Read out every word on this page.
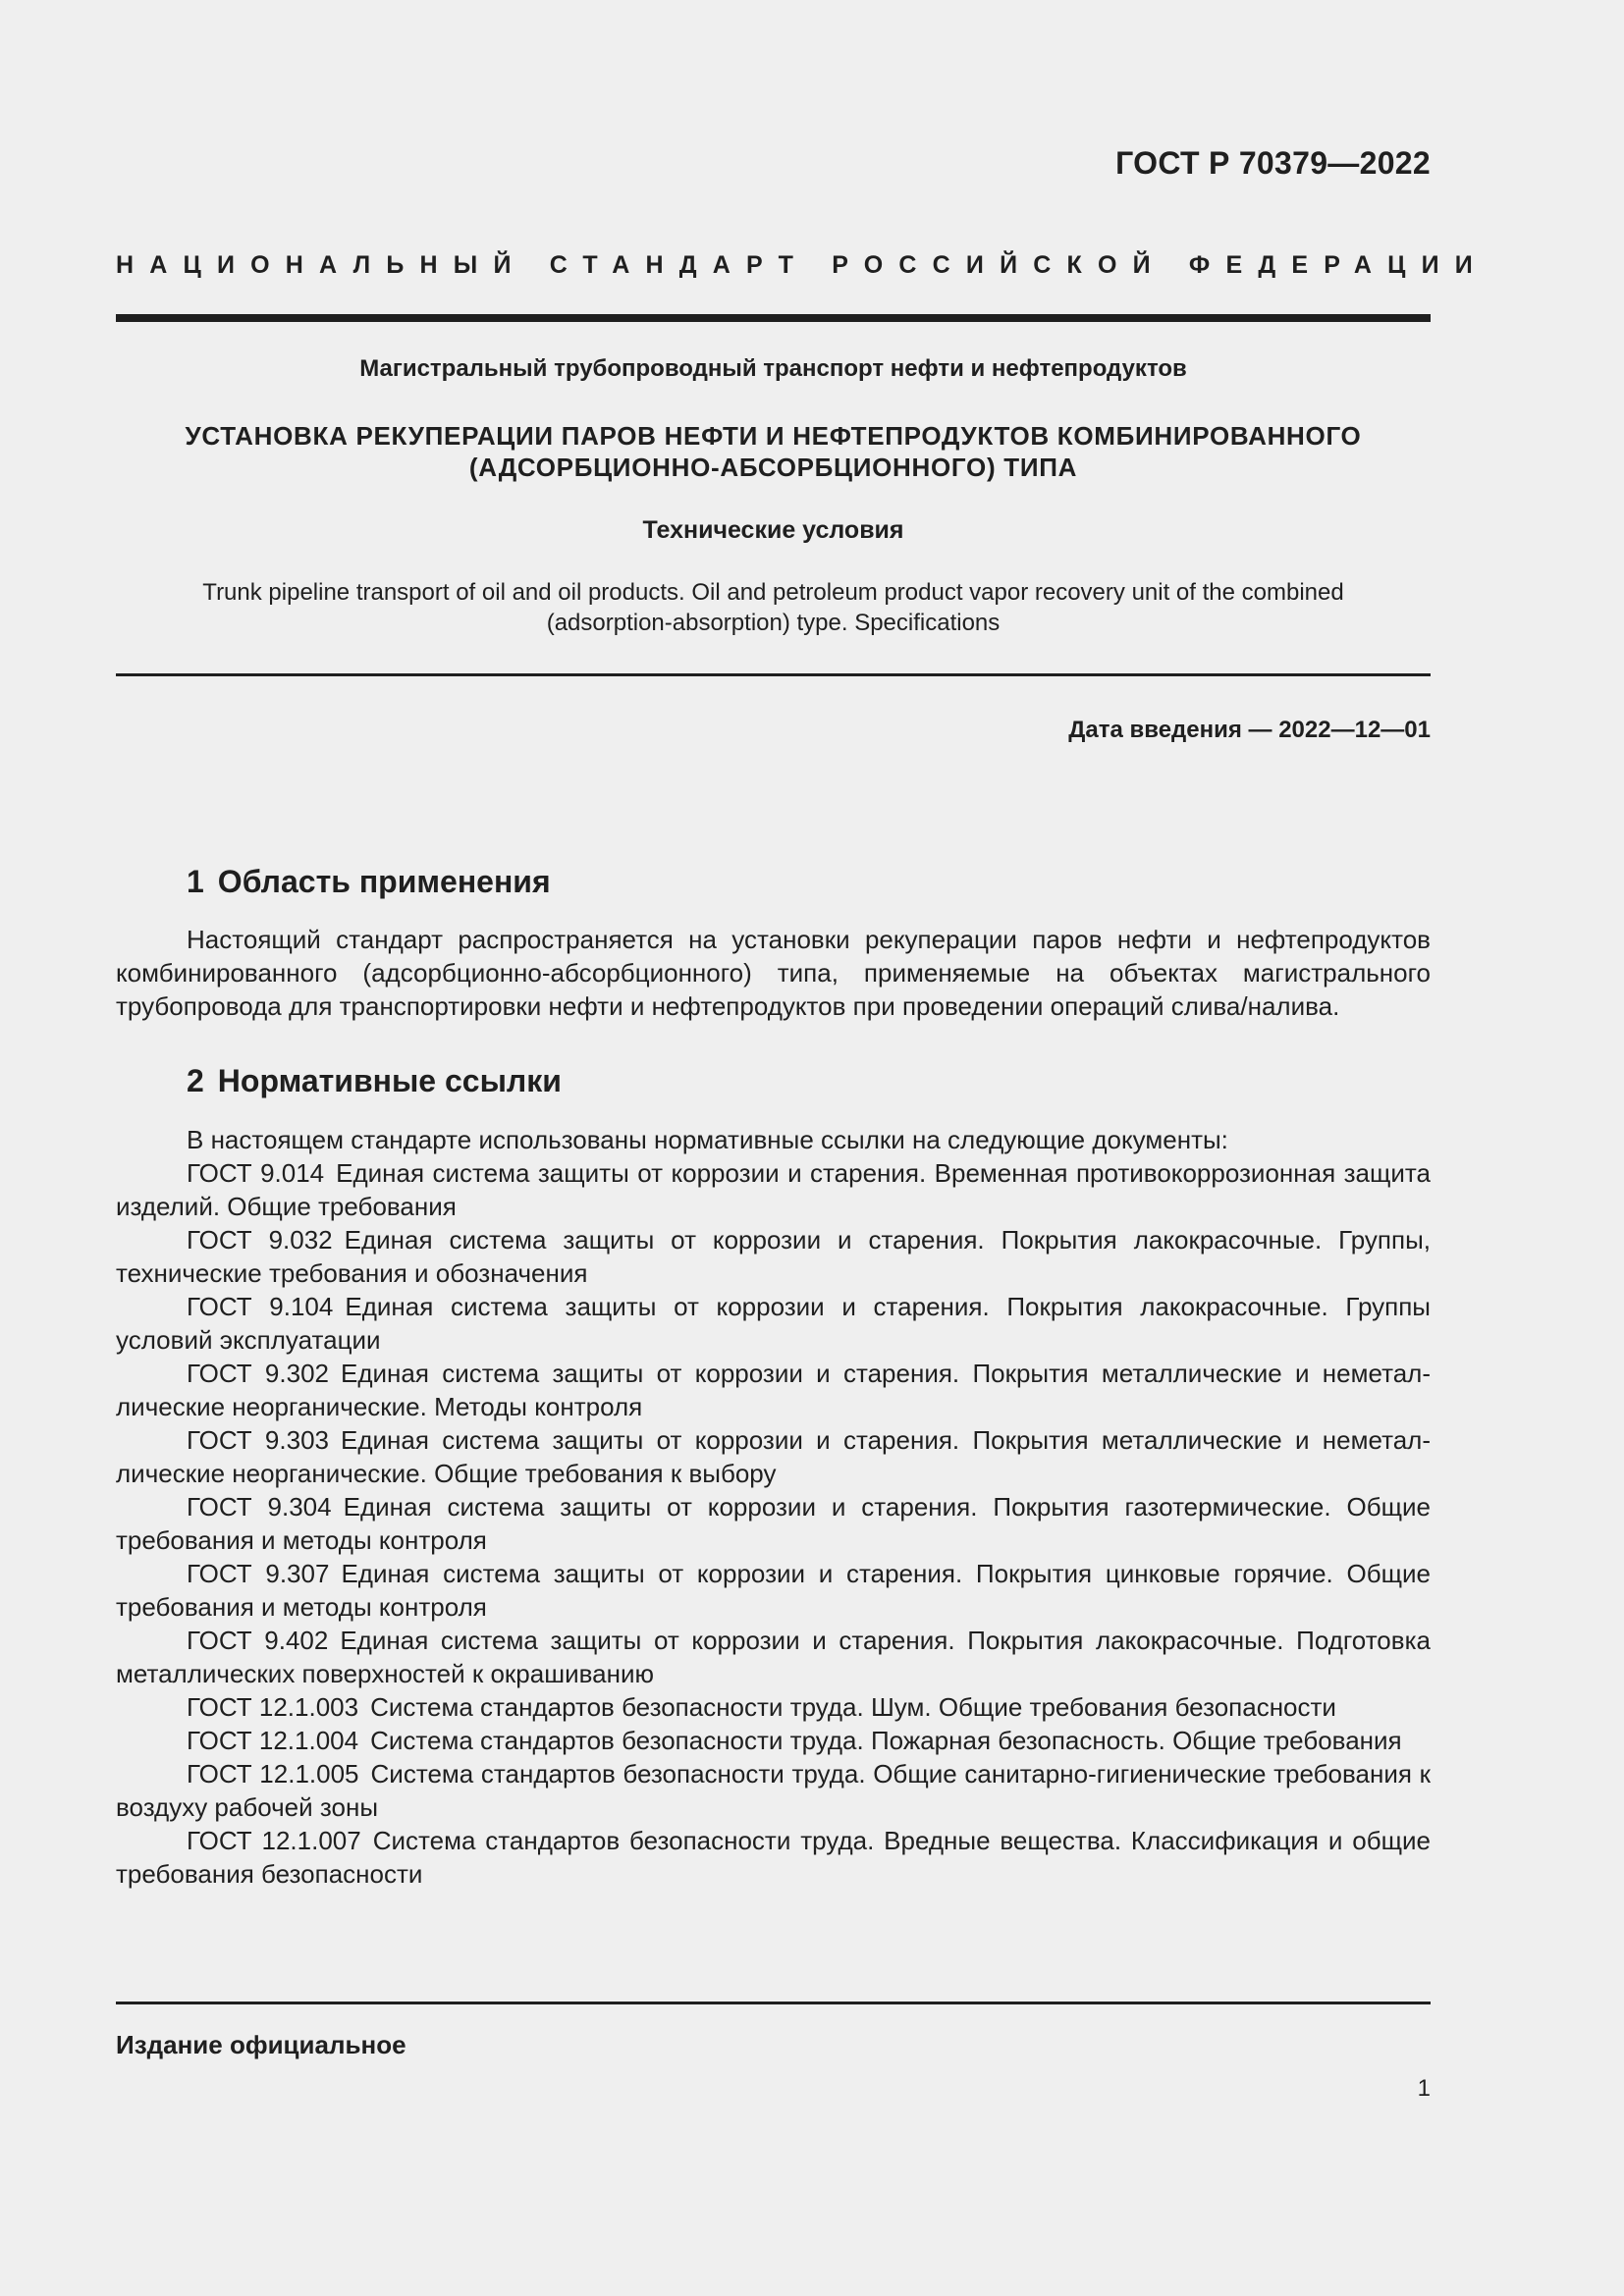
ГОСТ Р 70379—2022
НАЦИОНАЛЬНЫЙ СТАНДАРТ РОССИЙСКОЙ ФЕДЕРАЦИИ
Магистральный трубопроводный транспорт нефти и нефтепродуктов
УСТАНОВКА РЕКУПЕРАЦИИ ПАРОВ НЕФТИ И НЕФТЕПРОДУКТОВ КОМБИНИРОВАННОГО
(АДСОРБЦИОННО-АБСОРБЦИОННОГО) ТИПА
Технические условия
Trunk pipeline transport of oil and oil products. Oil and petroleum product vapor recovery unit of the combined
(adsorption-absorption) type. Specifications
Дата введения — 2022—12—01
1 Область применения

Настоящий стандарт распространяется на установки рекуперации паров нефти и нефтепродуктов комбинированного (адсорбционно-абсорбционного) типа, применяемые на объектах магистрального трубопровода для транспортировки нефти и нефтепродуктов при проведении операций слива/налива.

2 Нормативные ссылки

В настоящем стандарте использованы нормативные ссылки на следующие документы:

ГОСТ 9.014 Единая система защиты от коррозии и старения. Временная противокоррозионная защита изделий. Общие требования

ГОСТ 9.032 Единая система защиты от коррозии и старения. Покрытия лакокрасочные. Группы, технические требования и обозначения

ГОСТ 9.104 Единая система защиты от коррозии и старения. Покрытия лакокрасочные. Группы условий эксплуатации

ГОСТ 9.302 Единая система защиты от коррозии и старения. Покрытия металлические и неметаллические неорганические. Методы контроля

ГОСТ 9.303 Единая система защиты от коррозии и старения. Покрытия металлические и неметаллические неорганические. Общие требования к выбору

ГОСТ 9.304 Единая система защиты от коррозии и старения. Покрытия газотермические. Общие требования и методы контроля

ГОСТ 9.307 Единая система защиты от коррозии и старения. Покрытия цинковые горячие. Общие требования и методы контроля

ГОСТ 9.402 Единая система защиты от коррозии и старения. Покрытия лакокрасочные. Подготовка металлических поверхностей к окрашиванию

ГОСТ 12.1.003 Система стандартов безопасности труда. Шум. Общие требования безопасности

ГОСТ 12.1.004 Система стандартов безопасности труда. Пожарная безопасность. Общие требования

ГОСТ 12.1.005 Система стандартов безопасности труда. Общие санитарно-гигиенические требования к воздуху рабочей зоны

ГОСТ 12.1.007 Система стандартов безопасности труда. Вредные вещества. Классификация и общие требования безопасности

Издание официальное
1
